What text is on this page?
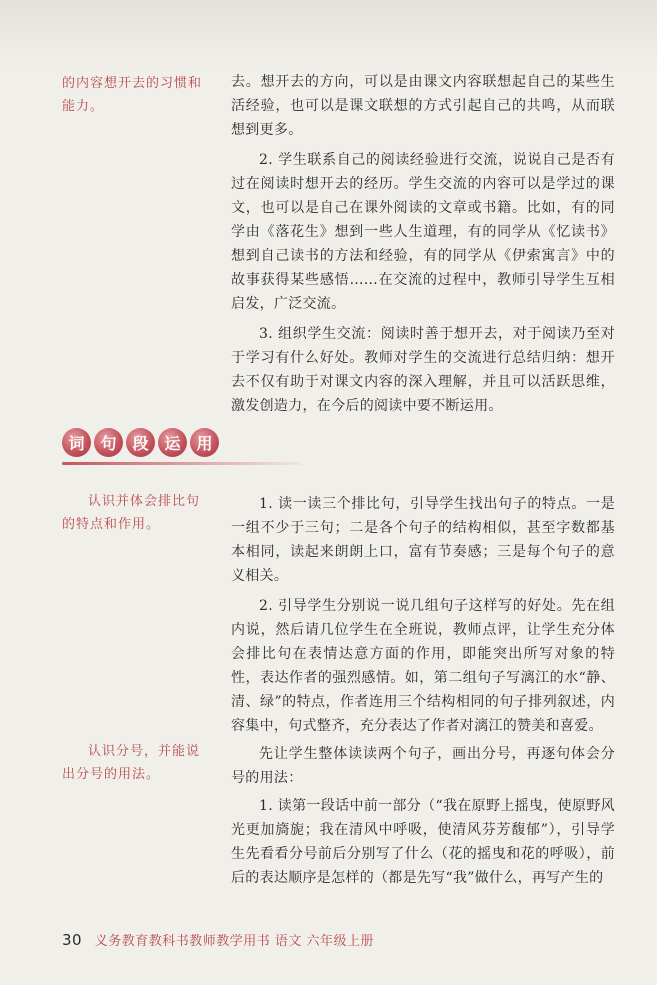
的内容想开去的习惯和能力。

去。想开去的方向，可以是由课文内容联想起自己的某些生活经验，也可以是课文联想的方式引起自己的共鸣，从而联想到更多。

2. 学生联系自己的阅读经验进行交流，说说自己是否有过在阅读时想开去的经历。学生交流的内容可以是学过的课文，也可以是自己在课外阅读的文章或书籍。比如，有的同学由《落花生》想到一些人生道理，有的同学从《忆读书》想到自己读书的方法和经验，有的同学从《伊索寓言》中的故事获得某些感悟……在交流的过程中，教师引导学生互相启发，广泛交流。

3. 组织学生交流：阅读时善于想开去，对于阅读乃至对于学习有什么好处。教师对学生的交流进行总结归纳：想开去不仅有助于对课文内容的深入理解，并且可以活跃思维，激发创造力，在今后的阅读中要不断运用。

词 句 段 运 用

认识并体会排比句的特点和作用。

1. 读一读三个排比句，引导学生找出句子的特点。一是一组不少于三句；二是各个句子的结构相似，甚至字数都基本相同，读起来朗朗上口，富有节奏感；三是每个句子的意义相关。

2. 引导学生分别说一说几组句子这样写的好处。先在组内说，然后请几位学生在全班说，教师点评，让学生充分体会排比句在表情达意方面的作用，即能突出所写对象的特性，表达作者的强烈感情。如，第二组句子写漓江的水“静、清、绿”的特点，作者连用三个结构相同的句子排列叙述，内容集中，句式整齐，充分表达了作者对漓江的赞美和喜爱。

认识分号，并能说出分号的用法。

先让学生整体读读两个句子，画出分号，再逐句体会分号的用法：

1. 读第一段话中前一部分（“我在原野上摇曳，使原野风光更加旖旎；我在清风中呼吸，使清风芬芳馥郁”），引导学生先看看分号前后分别写了什么（花的摇曳和花的呼吸），前后的表达顺序是怎样的（都是先写“我”做什么，再写产生的

30 义务教育教科书教师教学用书 语文 六年级上册
